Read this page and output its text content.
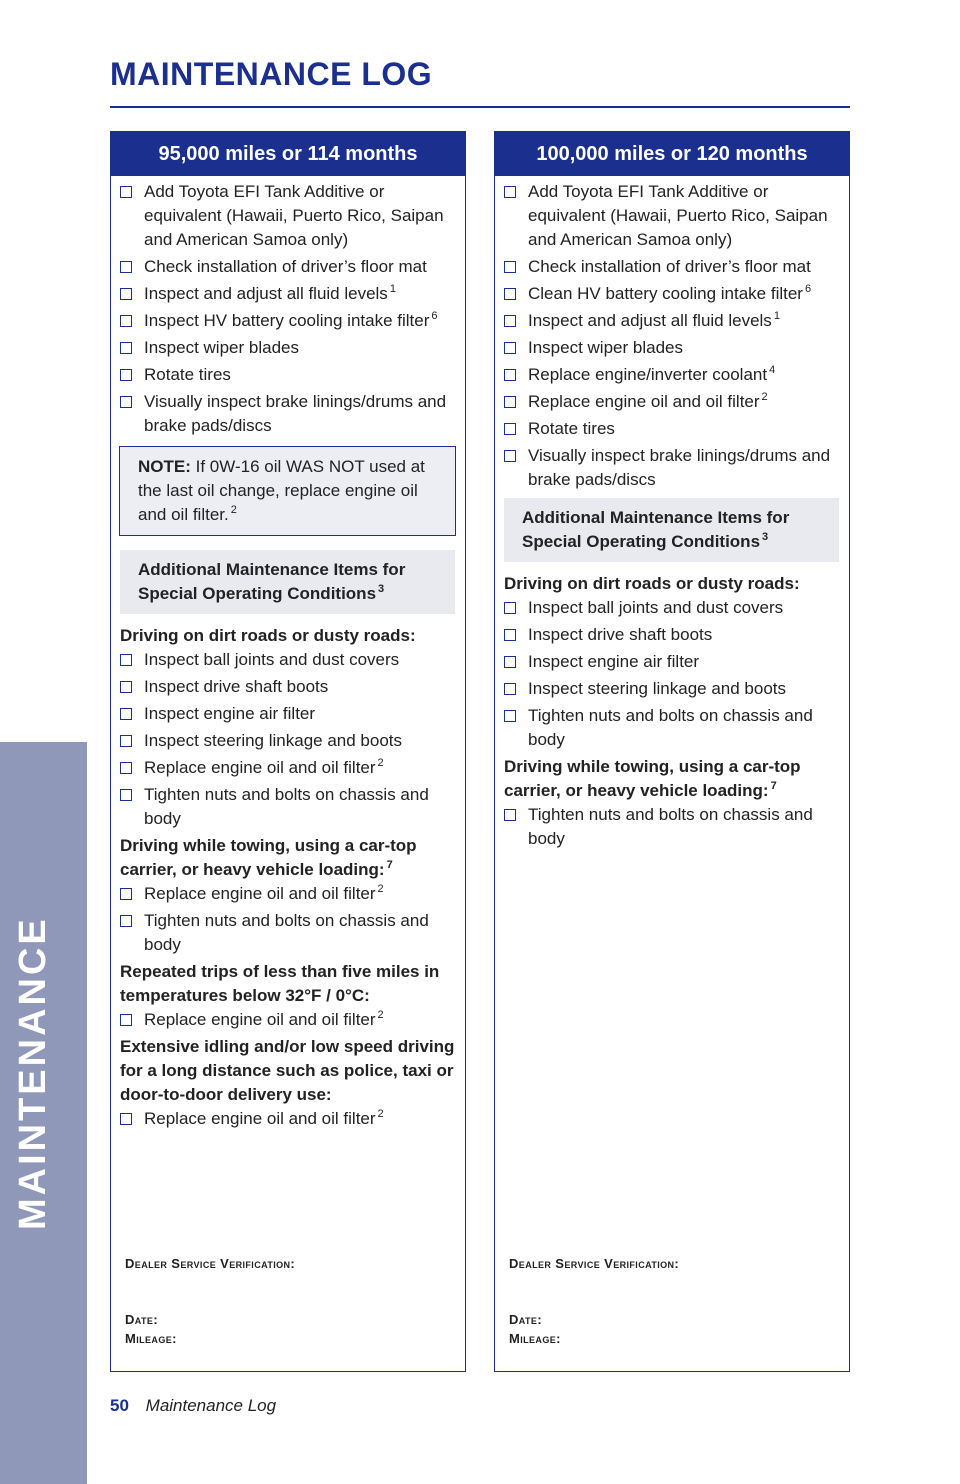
MAINTENANCE
MAINTENANCE LOG
95,000 miles or 114 months
Add Toyota EFI Tank Additive or equivalent (Hawaii, Puerto Rico, Saipan and American Samoa only)
Check installation of driver’s floor mat
Inspect and adjust all fluid levels $^1$
Inspect HV battery cooling intake filter $^6$
Inspect wiper blades
Rotate tires
Visually inspect brake linings/drums and brake pads/discs
NOTE: If 0W-16 oil WAS NOT used at the last oil change, replace engine oil and oil filter. $^2$
Additional Maintenance Items for Special Operating Conditions $^3$
Driving on dirt roads or dusty roads:
Inspect ball joints and dust covers
Inspect drive shaft boots
Inspect engine air filter
Inspect steering linkage and boots
Replace engine oil and oil filter $^2$
Tighten nuts and bolts on chassis and body
Driving while towing, using a car-top carrier, or heavy vehicle loading: $^7$
Replace engine oil and oil filter $^2$
Tighten nuts and bolts on chassis and body
Repeated trips of less than five miles in temperatures below 32°F / 0°C:
Replace engine oil and oil filter $^2$
Extensive idling and/or low speed driving for a long distance such as police, taxi or door-to-door delivery use:
Replace engine oil and oil filter $^2$
Dealer Service Verification:
Date:
Mileage:
100,000 miles or 120 months
Add Toyota EFI Tank Additive or equivalent (Hawaii, Puerto Rico, Saipan and American Samoa only)
Check installation of driver’s floor mat
Clean HV battery cooling intake filter $^6$
Inspect and adjust all fluid levels $^1$
Inspect wiper blades
Replace engine/inverter coolant $^4$
Replace engine oil and oil filter $^2$
Rotate tires
Visually inspect brake linings/drums and brake pads/discs
Additional Maintenance Items for Special Operating Conditions $^3$
Driving on dirt roads or dusty roads:
Inspect ball joints and dust covers
Inspect drive shaft boots
Inspect engine air filter
Inspect steering linkage and boots
Tighten nuts and bolts on chassis and body
Driving while towing, using a car-top carrier, or heavy vehicle loading: $^7$
Tighten nuts and bolts on chassis and body
Dealer Service Verification:
Date:
Mileage:
50 Maintenance Log
